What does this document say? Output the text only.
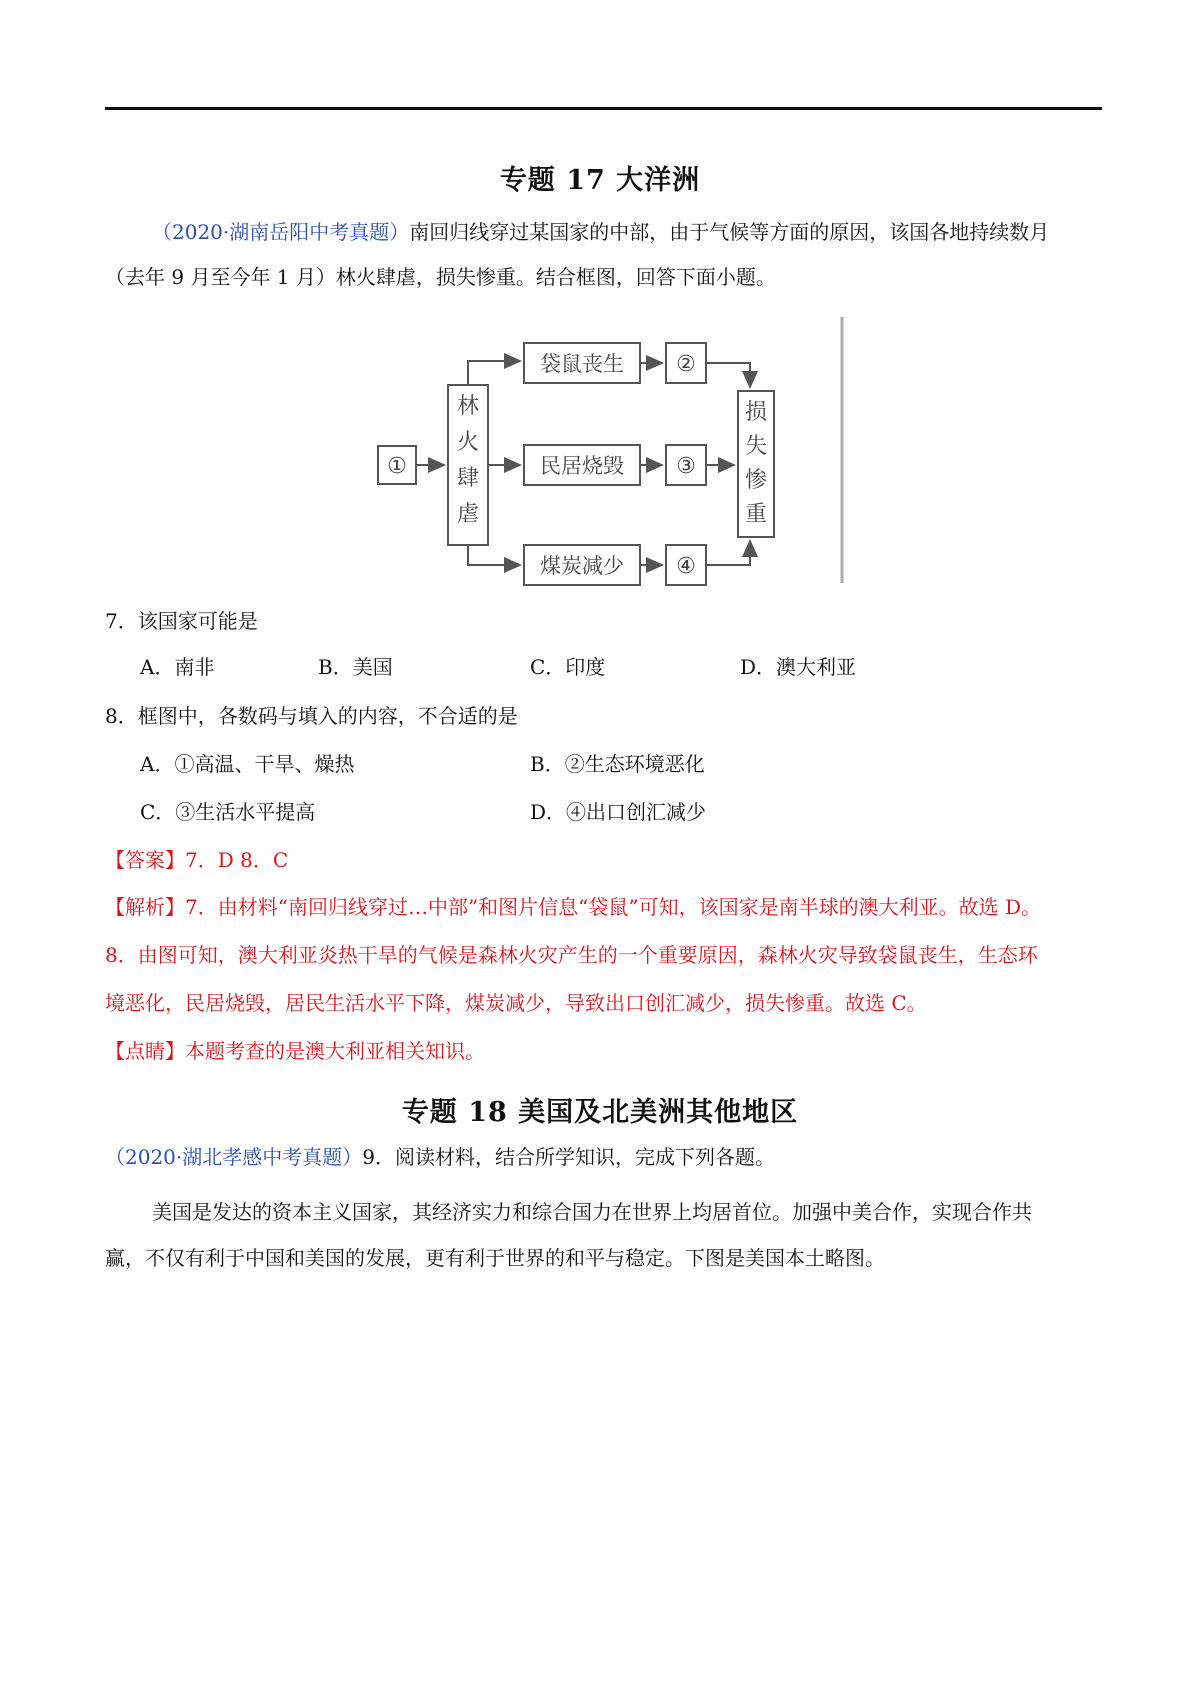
专题 17 大洋洲
（2020·湖南岳阳中考真题）南回归线穿过某国家的中部，由于气候等方面的原因，该国各地持续数月
（去年 9 月至今年 1 月）林火肆虐，损失惨重。结合框图，回答下面小题。
①
林
火
肆
虐
袋鼠丧生
民居烧毁
煤炭减少
②
③
④
损
失
惨
重
7．该国家可能是
A．南非	B．美国	C．印度	D．澳大利亚
8．框图中，各数码与填入的内容，不合适的是
A．①高温、干旱、燥热	B．②生态环境恶化
C．③生活水平提高	D．④出口创汇减少
【答案】7．D 8．C
【解析】7．由材料“南回归线穿过…中部”和图片信息“袋鼠”可知，该国家是南半球的澳大利亚。故选 D。
8．由图可知，澳大利亚炎热干旱的气候是森林火灾产生的一个重要原因，森林火灾导致袋鼠丧生，生态环
境恶化，民居烧毁，居民生活水平下降，煤炭减少，导致出口创汇减少，损失惨重。故选 C。
【点睛】本题考查的是澳大利亚相关知识。
专题 18 美国及北美洲其他地区
（2020·湖北孝感中考真题）9．阅读材料，结合所学知识，完成下列各题。
美国是发达的资本主义国家，其经济实力和综合国力在世界上均居首位。加强中美合作，实现合作共
赢，不仅有利于中国和美国的发展，更有利于世界的和平与稳定。下图是美国本土略图。
